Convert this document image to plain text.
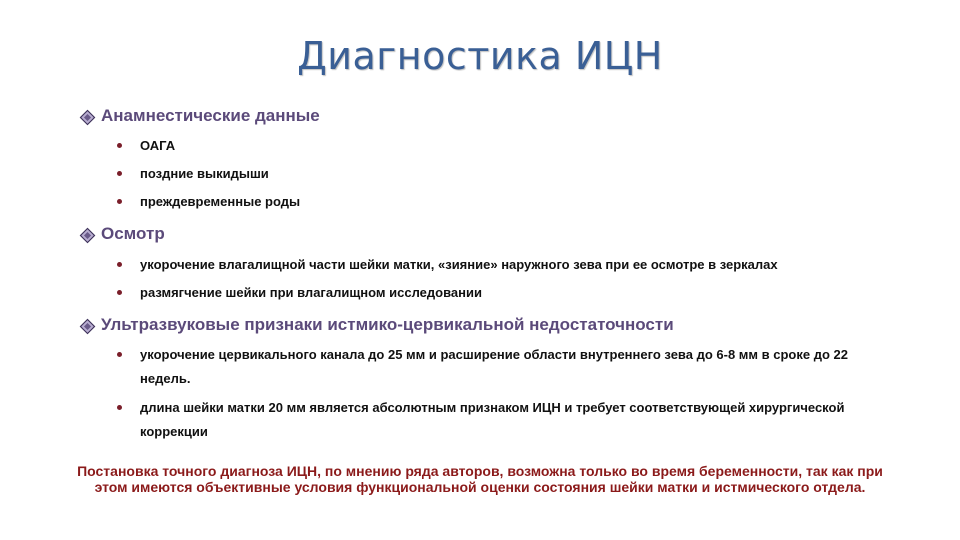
Диагностика ИЦН
Анамнестические данные
ОАГА
поздние выкидыши
преждевременные роды
Осмотр
укорочение влагалищной части шейки матки, «зияние» наружного зева при ее осмотре в зеркалах
размягчение шейки при влагалищном исследовании
Ультразвуковые признаки истмико-цервикальной недостаточности
укорочение цервикального канала до 25 мм и расширение области внутреннего зева до 6-8 мм в сроке до 22 недель.
длина шейки матки 20 мм является абсолютным признаком ИЦН и требует соответствующей хирургической коррекции
Постановка точного диагноза ИЦН, по мнению ряда авторов, возможна только во время беременности, так как при этом имеются объективные условия функциональной оценки состояния шейки матки и истмического отдела.
